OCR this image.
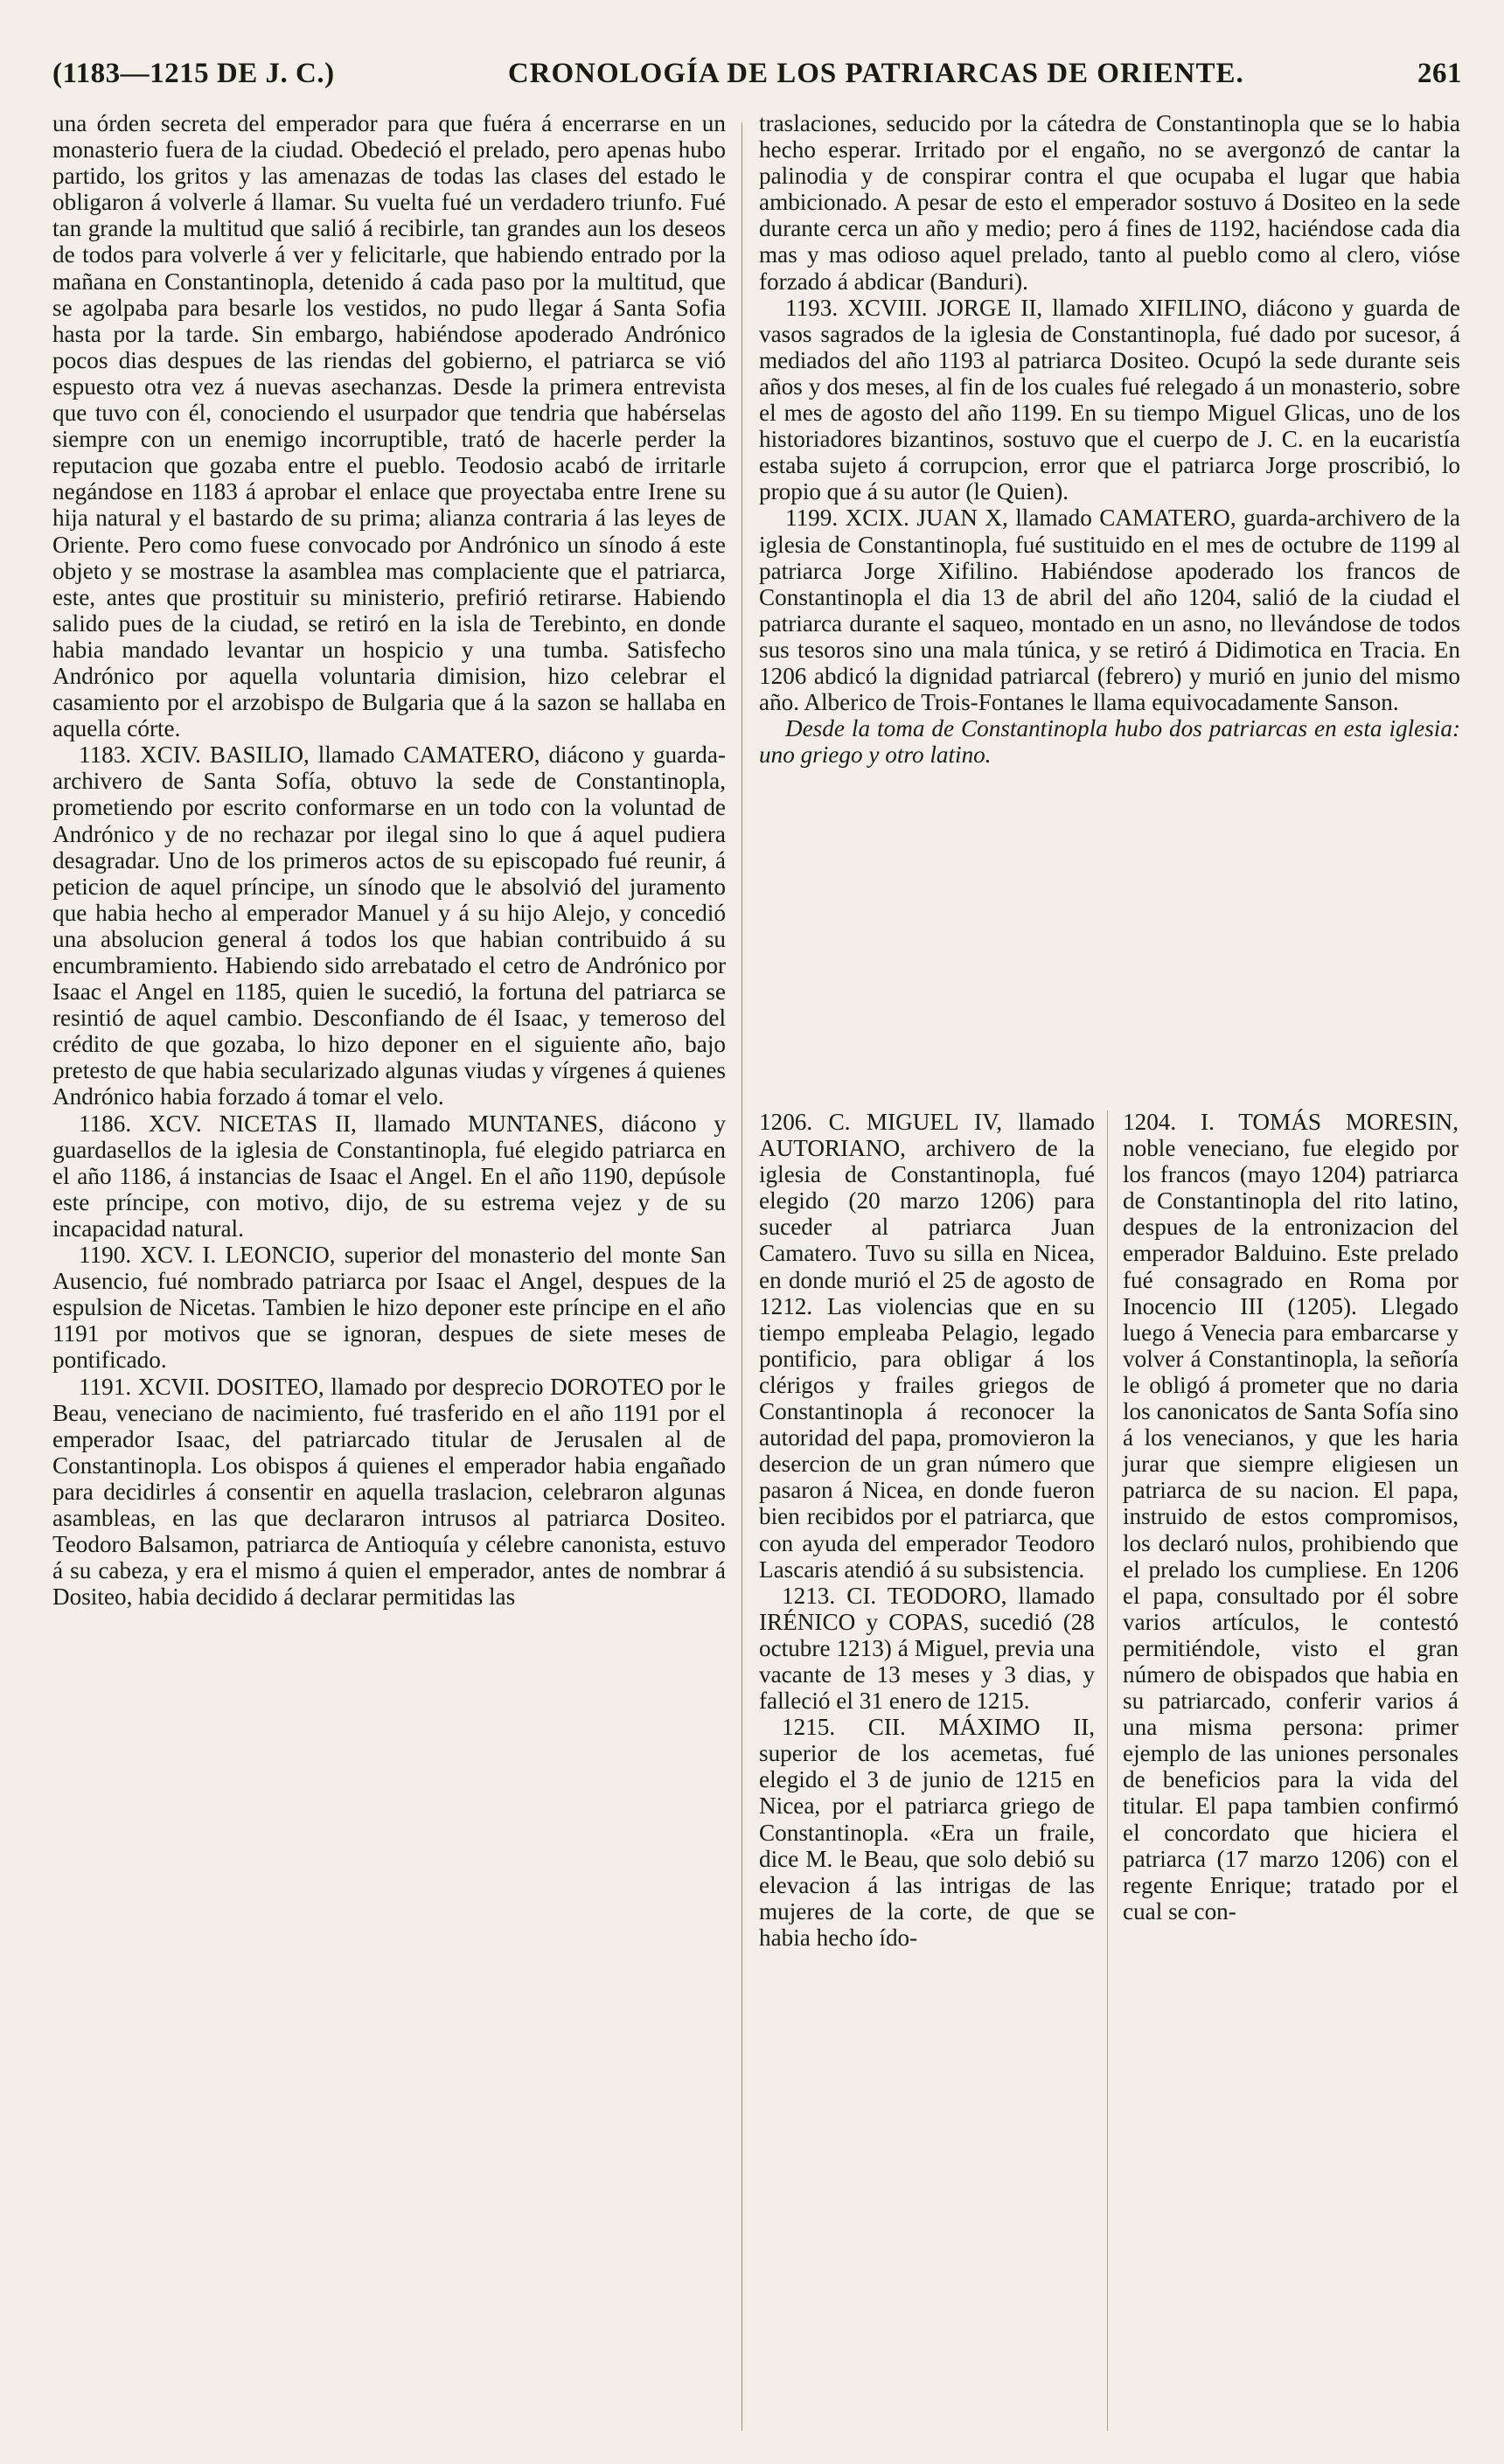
(1183—1215 DE J. C.)	CRONOLOGÍA DE LOS PATRIARCAS DE ORIENTE.	261

una órden secreta del emperador para que fuéra á encerrarse en un monasterio fuera de la ciudad. Obedeció el prelado, pero apenas hubo partido, los gritos y las amenazas de todas las clases del estado le obligaron á volverle á llamar. Su vuelta fué un verdadero triunfo. Fué tan grande la multitud que salió á recibirle, tan grandes aun los deseos de todos para volverle á ver y felicitarle, que habiendo entrado por la mañana en Constantinopla, detenido á cada paso por la multitud, que se agolpaba para besarle los vestidos, no pudo llegar á Santa Sofia hasta por la tarde. Sin embargo, habiéndose apoderado Andrónico pocos dias despues de las riendas del gobierno, el patriarca se vió espuesto otra vez á nuevas asechanzas. Desde la primera entrevista que tuvo con él, conociendo el usurpador que tendria que habérselas siempre con un enemigo incorruptible, trató de hacerle perder la reputacion que gozaba entre el pueblo. Teodosio acabó de irritarle negándose en 1183 á aprobar el enlace que proyectaba entre Irene su hija natural y el bastardo de su prima; alianza contraria á las leyes de Oriente. Pero como fuese convocado por Andrónico un sínodo á este objeto y se mostrase la asamblea mas complaciente que el patriarca, este, antes que prostituir su ministerio, prefirió retirarse. Habiendo salido pues de la ciudad, se retiró en la isla de Terebinto, en donde habia mandado levantar un hospicio y una tumba. Satisfecho Andrónico por aquella voluntaria dimision, hizo celebrar el casamiento por el arzobispo de Bulgaria que á la sazon se hallaba en aquella córte.

1183. XCIV. BASILIO, llamado CAMATERO, diácono y guarda-archivero de Santa Sofía, obtuvo la sede de Constantinopla, prometiendo por escrito conformarse en un todo con la voluntad de Andrónico y de no rechazar por ilegal sino lo que á aquel pudiera desagradar. Uno de los primeros actos de su episcopado fué reunir, á peticion de aquel príncipe, un sínodo que le absolvió del juramento que habia hecho al emperador Manuel y á su hijo Alejo, y concedió una absolucion general á todos los que habian contribuido á su encumbramiento. Habiendo sido arrebatado el cetro de Andrónico por Isaac el Angel en 1185, quien le sucedió, la fortuna del patriarca se resintió de aquel cambio. Desconfiando de él Isaac, y temeroso del crédito de que gozaba, lo hizo deponer en el siguiente año, bajo pretesto de que habia secularizado algunas viudas y vírgenes á quienes Andrónico habia forzado á tomar el velo.

1186. XCV. NICETAS II, llamado MUNTANES, diácono y guardasellos de la iglesia de Constantinopla, fué elegido patriarca en el año 1186, á instancias de Isaac el Angel. En el año 1190, depúsole este príncipe, con motivo, dijo, de su estrema vejez y de su incapacidad natural.

1190. XCV. I. LEONCIO, superior del monasterio del monte San Ausencio, fué nombrado patriarca por Isaac el Angel, despues de la espulsion de Nicetas. Tambien le hizo deponer este príncipe en el año 1191 por motivos que se ignoran, despues de siete meses de pontificado.

1191. XCVII. DOSITEO, llamado por desprecio DOROTEO por le Beau, veneciano de nacimiento, fué trasferido en el año 1191 por el emperador Isaac, del patriarcado titular de Jerusalen al de Constantinopla. Los obispos á quienes el emperador habia engañado para decidirles á consentir en aquella traslacion, celebraron algunas asambleas, en las que declararon intrusos al patriarca Dositeo. Teodoro Balsamon, patriarca de Antioquía y célebre canonista, estuvo á su cabeza, y era el mismo á quien el emperador, antes de nombrar á Dositeo, habia decidido á declarar permitidas las

traslaciones, seducido por la cátedra de Constantinopla que se lo habia hecho esperar. Irritado por el engaño, no se avergonzó de cantar la palinodia y de conspirar contra el que ocupaba el lugar que habia ambicionado. A pesar de esto el emperador sostuvo á Dositeo en la sede durante cerca un año y medio; pero á fines de 1192, haciéndose cada dia mas y mas odioso aquel prelado, tanto al pueblo como al clero, vióse forzado á abdicar (Banduri).

1193. XCVIII. JORGE II, llamado XIFILINO, diácono y guarda de vasos sagrados de la iglesia de Constantinopla, fué dado por sucesor, á mediados del año 1193 al patriarca Dositeo. Ocupó la sede durante seis años y dos meses, al fin de los cuales fué relegado á un monasterio, sobre el mes de agosto del año 1199. En su tiempo Miguel Glicas, uno de los historiadores bizantinos, sostuvo que el cuerpo de J. C. en la eucaristía estaba sujeto á corrupcion, error que el patriarca Jorge proscribió, lo propio que á su autor (le Quien).

1199. XCIX. JUAN X, llamado CAMATERO, guarda-archivero de la iglesia de Constantinopla, fué sustituido en el mes de octubre de 1199 al patriarca Jorge Xifilino. Habiéndose apoderado los francos de Constantinopla el dia 13 de abril del año 1204, salió de la ciudad el patriarca durante el saqueo, montado en un asno, no llevándose de todos sus tesoros sino una mala túnica, y se retiró á Didimotica en Tracia. En 1206 abdicó la dignidad patriarcal (febrero) y murió en junio del mismo año. Alberico de Trois-Fontanes le llama equivocadamente Sanson.

Desde la toma de Constantinopla hubo dos patriarcas en esta iglesia: uno griego y otro latino.

1206. C. MIGUEL IV, llamado AUTORIANO, archivero de la iglesia de Constantinopla, fué elegido (20 marzo 1206) para suceder al patriarca Juan Camatero. Tuvo su silla en Nicea, en donde murió el 25 de agosto de 1212. Las violencias que en su tiempo empleaba Pelagio, legado pontificio, para obligar á los clérigos y frailes griegos de Constantinopla á reconocer la autoridad del papa, promovieron la desercion de un gran número que pasaron á Nicea, en donde fueron bien recibidos por el patriarca, que con ayuda del emperador Teodoro Lascaris atendió á su subsistencia.

1213. CI. TEODORO, llamado IRÉNICO y COPAS, sucedió (28 octubre 1213) á Miguel, previa una vacante de 13 meses y 3 dias, y falleció el 31 enero de 1215.

1215. CII. MÁXIMO II, superior de los acemetas, fué elegido el 3 de junio de 1215 en Nicea, por el patriarca griego de Constantinopla. «Era un fraile, dice M. le Beau, que solo debió su elevacion á las intrigas de las mujeres de la corte, de que se habia hecho ído-

1204. I. TOMÁS MORESIN, noble veneciano, fue elegido por los francos (mayo 1204) patriarca de Constantinopla del rito latino, despues de la entronizacion del emperador Balduino. Este prelado fué consagrado en Roma por Inocencio III (1205). Llegado luego á Venecia para embarcarse y volver á Constantinopla, la señoría le obligó á prometer que no daria los canonicatos de Santa Sofía sino á los venecianos, y que les haria jurar que siempre eligiesen un patriarca de su nacion. El papa, instruido de estos compromisos, los declaró nulos, prohibiendo que el prelado los cumpliese. En 1206 el papa, consultado por él sobre varios artículos, le contestó permitiéndole, visto el gran número de obispados que habia en su patriarcado, conferir varios á una misma persona: primer ejemplo de las uniones personales de beneficios para la vida del titular. El papa tambien confirmó el concordato que hiciera el patriarca (17 marzo 1206) con el regente Enrique; tratado por el cual se con-
